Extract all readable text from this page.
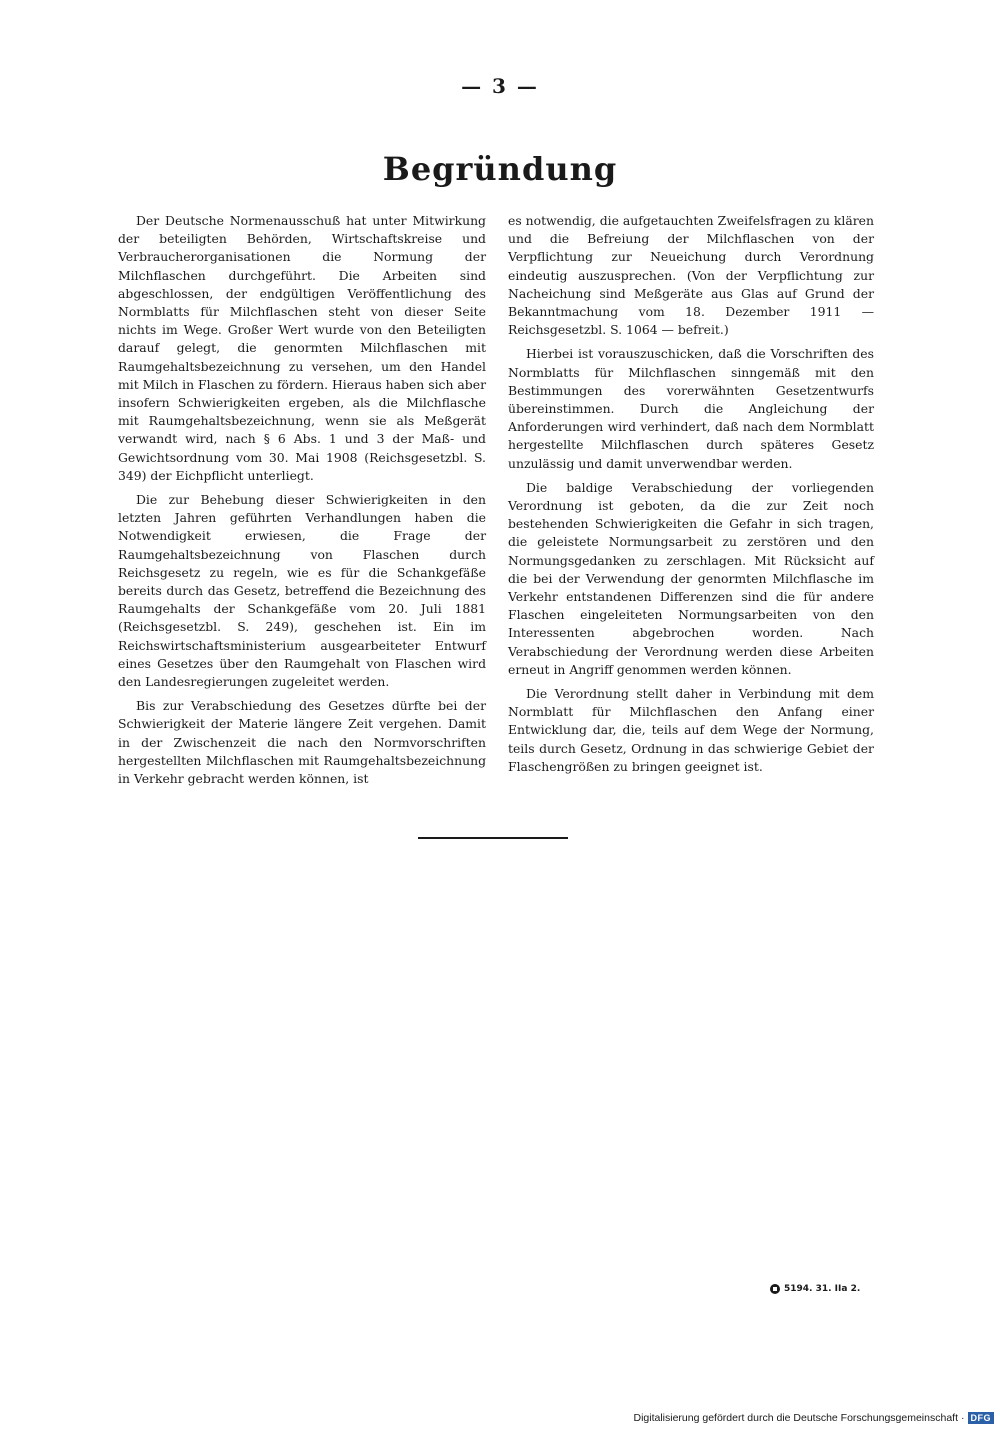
— 3 —
Begründung

Der Deutsche Normenausschuß hat unter Mitwirkung der beteiligten Behörden, Wirtschaftskreise und Verbraucherorganisationen die Normung der Milchflaschen durchgeführt. Die Arbeiten sind abgeschlossen, der endgültigen Veröffentlichung des Normblatts für Milchflaschen steht von dieser Seite nichts im Wege. Großer Wert wurde von den Beteiligten darauf gelegt, die genormten Milchflaschen mit Raumgehaltsbezeichnung zu versehen, um den Handel mit Milch in Flaschen zu fördern. Hieraus haben sich aber insofern Schwierigkeiten ergeben, als die Milchflasche mit Raumgehaltsbezeichnung, wenn sie als Meßgerät verwandt wird, nach § 6 Abs. 1 und 3 der Maß- und Gewichtsordnung vom 30. Mai 1908 (Reichsgesetzbl. S. 349) der Eichpflicht unterliegt.

Die zur Behebung dieser Schwierigkeiten in den letzten Jahren geführten Verhandlungen haben die Notwendigkeit erwiesen, die Frage der Raumgehaltsbezeichnung von Flaschen durch Reichsgesetz zu regeln, wie es für die Schankgefäße bereits durch das Gesetz, betreffend die Bezeichnung des Raumgehalts der Schankgefäße vom 20. Juli 1881 (Reichsgesetzbl. S. 249), geschehen ist. Ein im Reichswirtschaftsministerium ausgearbeiteter Entwurf eines Gesetzes über den Raumgehalt von Flaschen wird den Landesregierungen zugeleitet werden.

Bis zur Verabschiedung des Gesetzes dürfte bei der Schwierigkeit der Materie längere Zeit vergehen. Damit in der Zwischenzeit die nach den Normvorschriften hergestellten Milchflaschen mit Raumgehaltsbezeichnung in Verkehr gebracht werden können, ist

es notwendig, die aufgetauchten Zweifelsfragen zu klären und die Befreiung der Milchflaschen von der Verpflichtung zur Neueichung durch Verordnung eindeutig auszusprechen. (Von der Verpflichtung zur Nacheichung sind Meßgeräte aus Glas auf Grund der Bekanntmachung vom 18. Dezember 1911 — Reichsgesetzbl. S. 1064 — befreit.)

Hierbei ist vorauszuschicken, daß die Vorschriften des Normblatts für Milchflaschen sinngemäß mit den Bestimmungen des vorerwähnten Gesetzentwurfs übereinstimmen. Durch die Angleichung der Anforderungen wird verhindert, daß nach dem Normblatt hergestellte Milchflaschen durch späteres Gesetz unzulässig und damit unverwendbar werden.

Die baldige Verabschiedung der vorliegenden Verordnung ist geboten, da die zur Zeit noch bestehenden Schwierigkeiten die Gefahr in sich tragen, die geleistete Normungsarbeit zu zerstören und den Normungsgedanken zu zerschlagen. Mit Rücksicht auf die bei der Verwendung der genormten Milchflasche im Verkehr entstandenen Differenzen sind die für andere Flaschen eingeleiteten Normungsarbeiten von den Interessenten abgebrochen worden. Nach Verabschiedung der Verordnung werden diese Arbeiten erneut in Angriff genommen werden können.

Die Verordnung stellt daher in Verbindung mit dem Normblatt für Milchflaschen den Anfang einer Entwicklung dar, die, teils auf dem Wege der Normung, teils durch Gesetz, Ordnung in das schwierige Gebiet der Flaschengrößen zu bringen geeignet ist.

5194. 31. IIa 2.
Digitalisierung gefördert durch die Deutsche Forschungsgemeinschaft · DFG
